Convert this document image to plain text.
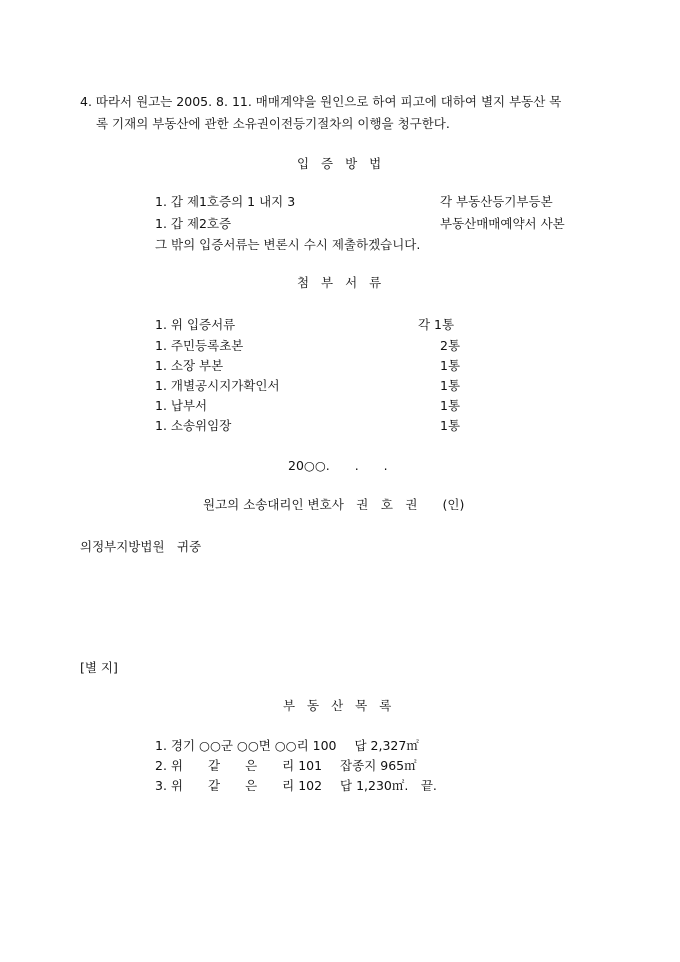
4. 따라서 원고는 2005. 8. 11. 매매계약을 원인으로 하여 피고에 대하여 별지 부동산 목
록 기재의 부동산에 관한 소유권이전등기절차의 이행을 청구한다.
입 증 방 법
1. 갑 제1호증의 1 내지 3	각 부동산등기부등본
1. 갑 제2호증	부동산매매예약서 사본
그 밖의 입증서류는 변론시 수시 제출하겠습니다.
첨 부 서 류
1. 위 입증서류	각 1통
1. 주민등록초본	2통
1. 소장 부본	1통
1. 개별공시지가확인서	1통
1. 납부서	1통
1. 소송위임장	1통
20○○.　　.　　.
원고의 소송대리인 변호사　권　호　권　　(인)
의정부지방법원　귀중
[별 지]
부 동 산 목 록
1. 경기 ○○군 ○○면 ○○리 100 답 2,327㎡
2. 위　　같　　은　　리 101 잡종지 965㎡
3. 위　　같　　은　　리 102 답 1,230㎡.　끝.
